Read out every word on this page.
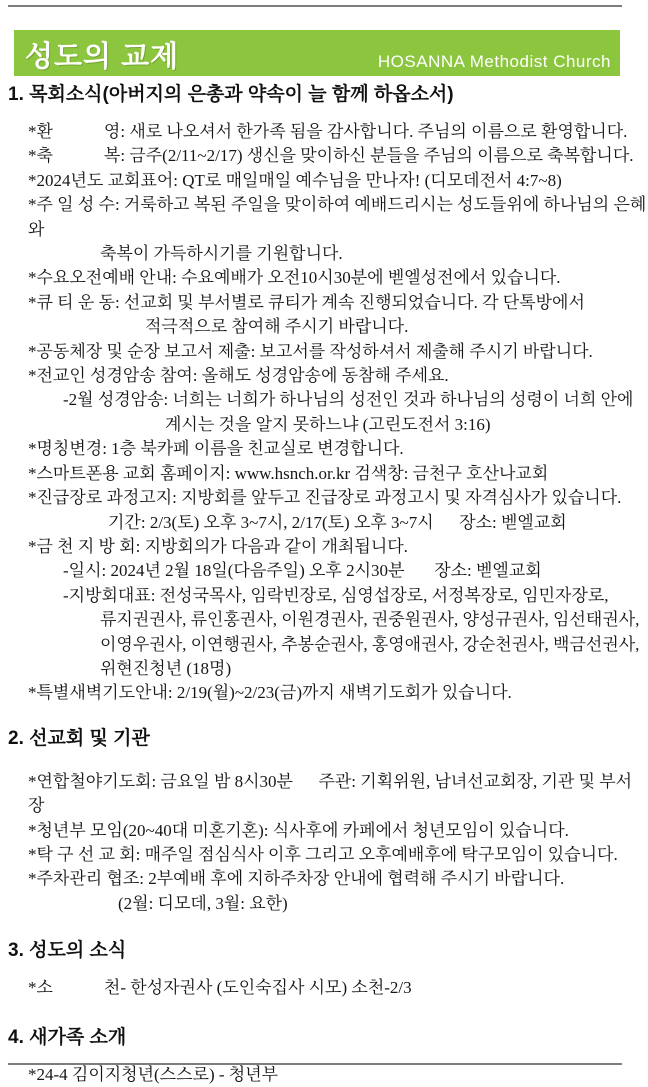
성도의 교제	HOSANNA Methodist Church
1. 목회소식(아버지의 은총과 약속이 늘 함께 하옵소서)
*환            영: 새로 나오셔서 한가족 됨을 감사합니다. 주님의 이름으로 환영합니다.
*축            복: 금주(2/11~2/17) 생신을 맞이하신 분들을 주님의 이름으로 축복합니다.
*2024년도 교회표어: QT로 매일매일 예수님을 만나자! (디모데전서 4:7~8)
*주 일 성 수: 거룩하고 복된 주일을 맞이하여 예배드리시는 성도들위에 하나님의 은혜와
축복이 가득하시기를 기원합니다.
*수요오전예배 안내: 수요예배가 오전10시30분에 벧엘성전에서 있습니다.
*큐 티 운 동: 선교회 및 부서별로 큐티가 계속 진행되었습니다. 각 단톡방에서
적극적으로 참여해 주시기 바랍니다.
*공동체장 및 순장 보고서 제출: 보고서를 작성하셔서 제출해 주시기 바랍니다.
*전교인 성경암송 참여: 올해도 성경암송에 동참해 주세요.
-2월 성경암송: 너희는 너희가 하나님의 성전인 것과 하나님의 성령이 너희 안에
계시는 것을 알지 못하느냐 (고린도전서 3:16)
*명칭변경: 1층 북카페 이름을 친교실로 변경합니다.
*스마트폰용 교회 홈페이지: www.hsnch.or.kr 검색창: 금천구 호산나교회
*진급장로 과정고지: 지방회를 앞두고 진급장로 과정고시 및 자격심사가 있습니다.
기간: 2/3(토) 오후 3~7시, 2/17(토) 오후 3~7시      장소: 벧엘교회
*금 천 지 방 회: 지방회의가 다음과 같이 개최됩니다.
-일시: 2024년 2월 18일(다음주일) 오후 2시30분       장소: 벧엘교회
-지방회대표: 전성국목사, 임락빈장로, 심영섭장로, 서정복장로, 임민자장로,
류지권권사, 류인홍권사, 이원경권사, 권중원권사, 양성규권사, 임선태권사,
이영우권사, 이연행권사, 추봉순권사, 홍영애권사, 강순천권사, 백금선권사,
위현진청년 (18명)
*특별새벽기도안내: 2/19(월)~2/23(금)까지 새벽기도회가 있습니다.
2. 선교회 및 기관
*연합철야기도회: 금요일 밤 8시30분      주관: 기획위원, 남녀선교회장, 기관 및 부서장
*청년부 모임(20~40대 미혼기혼): 식사후에 카페에서 청년모임이 있습니다.
*탁 구 선 교 회: 매주일 점심식사 이후 그리고 오후예배후에 탁구모임이 있습니다.
*주차관리 협조: 2부예배 후에 지하주차장 안내에 협력해 주시기 바랍니다.
(2월: 디모데, 3월: 요한)
3. 성도의 소식
*소            천- 한성자권사 (도인숙집사 시모) 소천-2/3
4. 새가족 소개
*24-4 김이지청년(스스로) - 청년부
